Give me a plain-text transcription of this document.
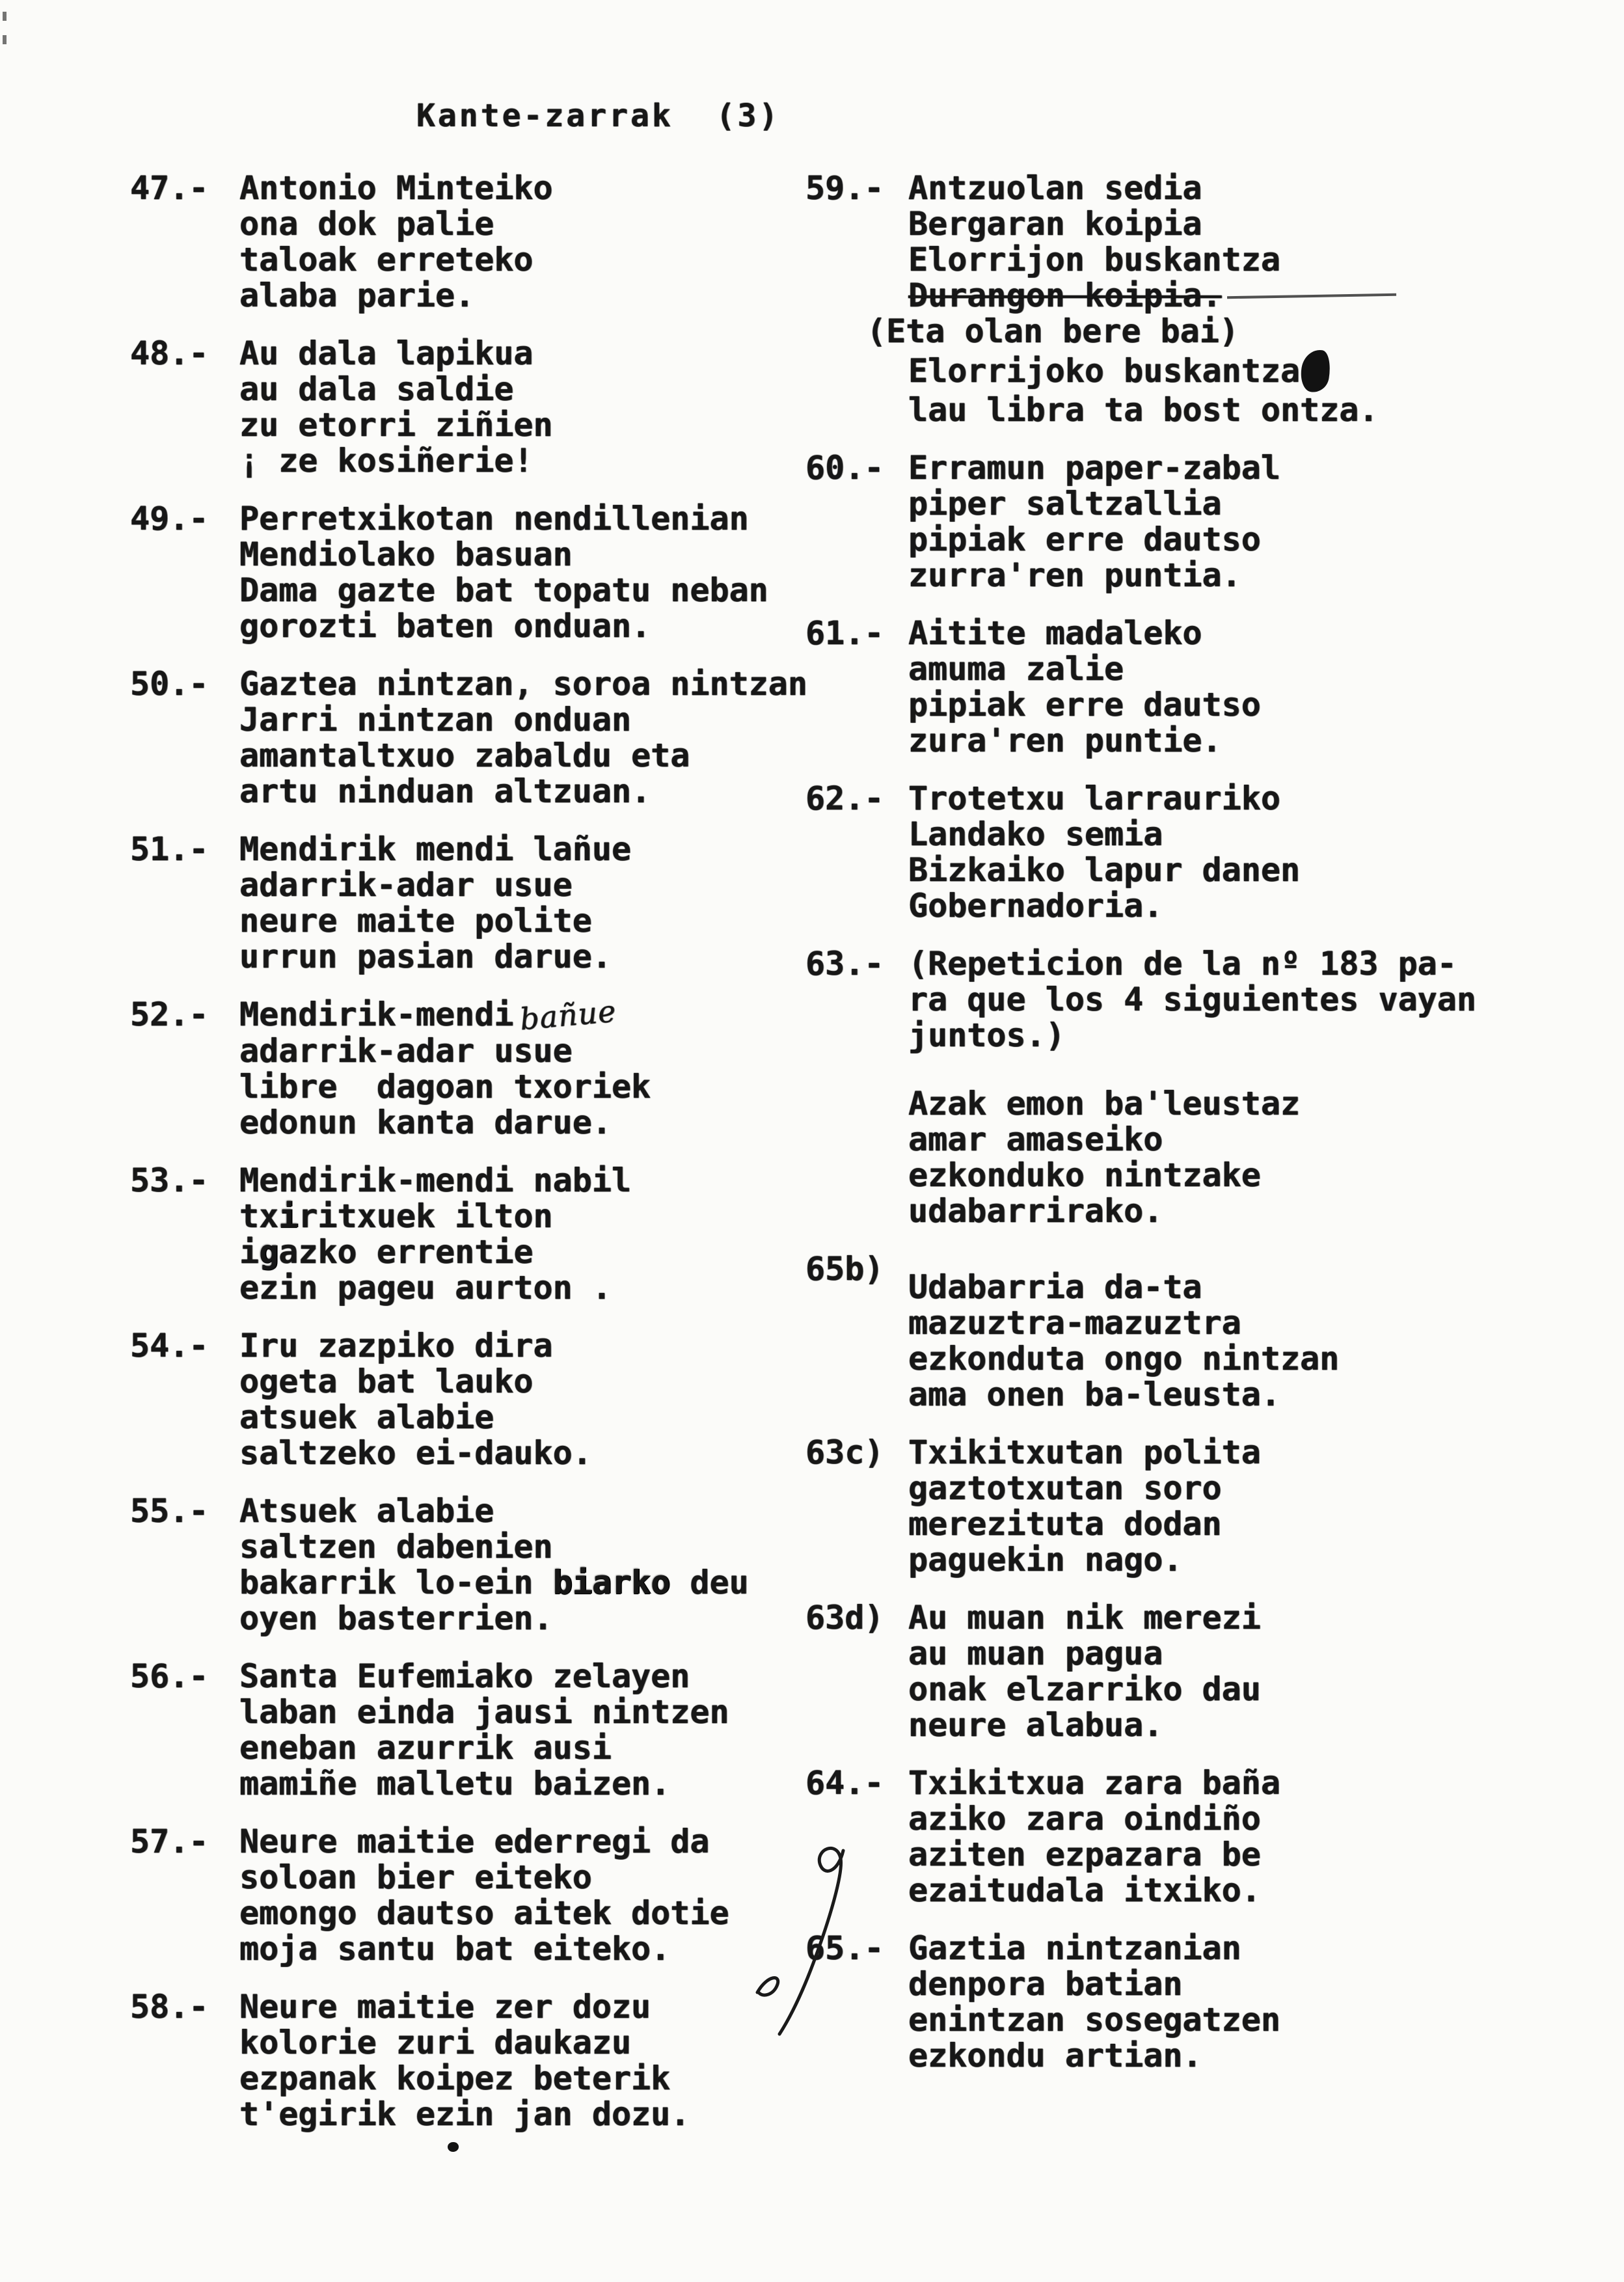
Kante-zarrak  (3)
47.- Antonio Minteiko
ona dok palie
taloak erreteko
alaba parie.
48.- Au dala lapikua
au dala saldie
zu etorri ziñien
¡ ze kosiñerie!
49.- Perretxikotan nendillenian
Mendiolako basuan
Dama gazte bat topatu neban
gorozti baten onduan.
50.- Gaztea nintzan, soroa nintzan
Jarri nintzan onduan
amantaltxuo zabaldu eta
artu ninduan altzuan.
51.- Mendirik mendi lañue
adarrik-adar usue
neure maite polite
urrun pasian darue.
52.- Mendirik-mendi bañue
adarrik-adar usue
libre  dagoan txoriek
edonun kanta darue.
53.- Mendirik-mendi nabil
txiritxuek ilton
igazko errentie
ezin pageu aurton .
54.- Iru zazpiko dira
ogeta bat lauko
atsuek alabie
saltzeko ei-dauko.
55.- Atsuek alabie
saltzen dabenien
bakarrik lo-ein biarko deu
oyen basterrien.
56.- Santa Eufemiako zelayen
laban einda jausi nintzen
eneban azurrik ausi
mamiñe malletu baizen.
57.- Neure maitie ederregi da
soloan bier eiteko
emongo dautso aitek dotie
moja santu bat eiteko.
58.- Neure maitie zer dozu
kolorie zuri daukazu
ezpanak koipez beterik
t'egirik ezin jan dozu.
59.- Antzuolan sedia
Bergaran koipia
Elorrijon buskantza
Durangon koipia.
(Eta olan bere bai)
Elorrijoko buskantza
lau libra ta bost ontza.
60.- Erramun paper-zabal
piper saltzallia
pipiak erre dautso
zurra'ren puntia.
61.- Aitite madaleko
amuma zalie
pipiak erre dautso
zura'ren puntie.
62.- Trotetxu larrauriko
Landako semia
Bizkaiko lapur danen
Gobernadoria.
63.- (Repeticion de la nº 183 pa-
ra que los 4 siguientes vayan
juntos.)
Azak emon ba'leustaz
amar amaseiko
ezkonduko nintzake
udabarrirako.
65b) Udabarria da-ta
mazuztra-mazuztra
ezkonduta ongo nintzan
ama onen ba-leusta.
63c) Txikitxutan polita
gaztotxutan soro
merezituta dodan
paguekin nago.
63d) Au muan nik merezi
au muan pagua
onak elzarriko dau
neure alabua.
64.- Txikitxua zara baña
aziko zara oindiño
aziten ezpazara be
ezaitudala itxiko.
65.- Gaztia nintzanian
denpora batian
enintzan sosegatzen
ezkondu artian.
